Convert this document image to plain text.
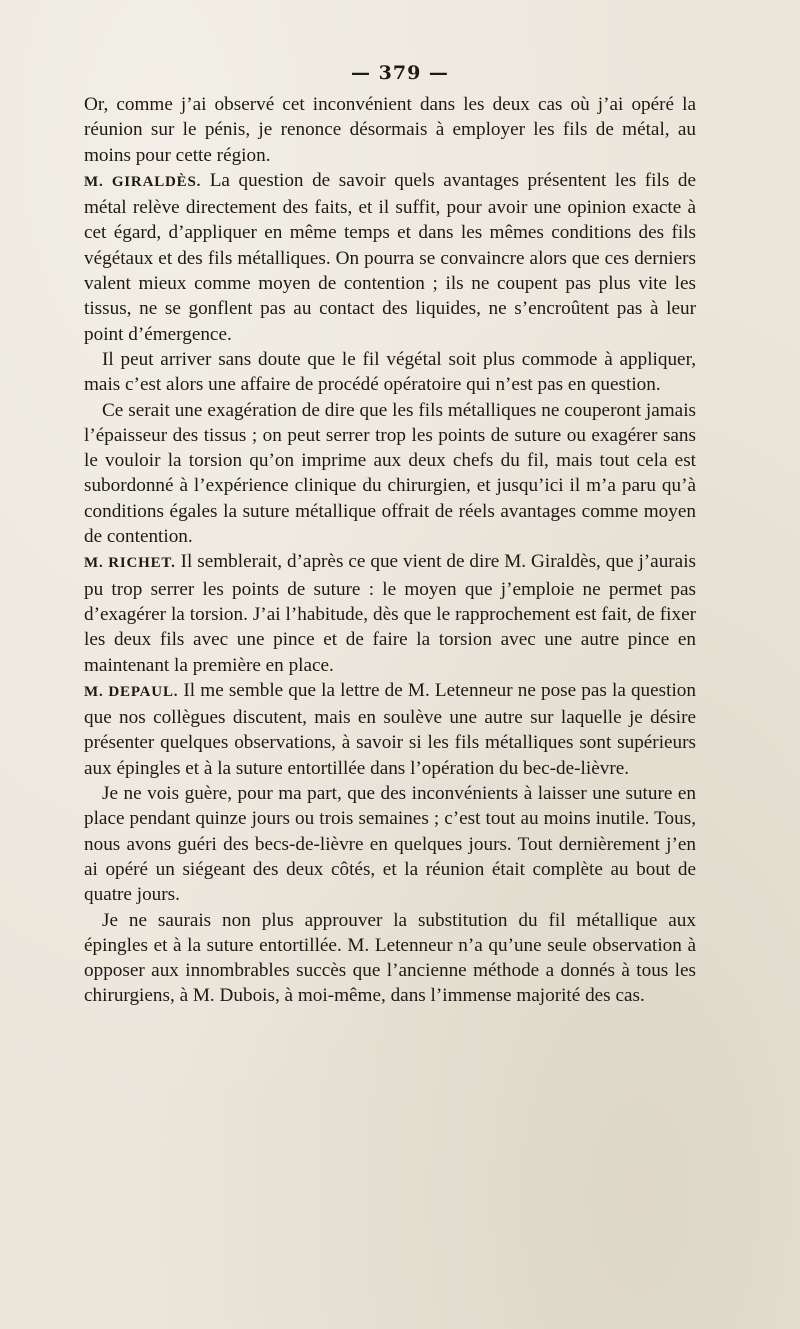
— 379 —

Or, comme j’ai observé cet inconvénient dans les deux cas où j’ai opéré la réunion sur le pénis, je renonce désormais à employer les fils de métal, au moins pour cette région.

M. GIRALDÈS. La question de savoir quels avantages présentent les fils de métal relève directement des faits, et il suffit, pour avoir une opinion exacte à cet égard, d’appliquer en même temps et dans les mêmes conditions des fils végétaux et des fils métalliques. On pourra se convaincre alors que ces derniers valent mieux comme moyen de contention ; ils ne coupent pas plus vite les tissus, ne se gonflent pas au contact des liquides, ne s’encroûtent pas à leur point d’émergence.

Il peut arriver sans doute que le fil végétal soit plus commode à appliquer, mais c’est alors une affaire de procédé opératoire qui n’est pas en question.

Ce serait une exagération de dire que les fils métalliques ne couperont jamais l’épaisseur des tissus ; on peut serrer trop les points de suture ou exagérer sans le vouloir la torsion qu’on imprime aux deux chefs du fil, mais tout cela est subordonné à l’expérience clinique du chirurgien, et jusqu’ici il m’a paru qu’à conditions égales la suture métallique offrait de réels avantages comme moyen de contention.

M. RICHET. Il semblerait, d’après ce que vient de dire M. Giraldès, que j’aurais pu trop serrer les points de suture : le moyen que j’emploie ne permet pas d’exagérer la torsion. J’ai l’habitude, dès que le rapprochement est fait, de fixer les deux fils avec une pince et de faire la torsion avec une autre pince en maintenant la première en place.

M. DEPAUL. Il me semble que la lettre de M. Letenneur ne pose pas la question que nos collègues discutent, mais en soulève une autre sur laquelle je désire présenter quelques observations, à savoir si les fils métalliques sont supérieurs aux épingles et à la suture entortillée dans l’opération du bec-de-lièvre.

Je ne vois guère, pour ma part, que des inconvénients à laisser une suture en place pendant quinze jours ou trois semaines ; c’est tout au moins inutile. Tous, nous avons guéri des becs-de-lièvre en quelques jours. Tout dernièrement j’en ai opéré un siégeant des deux côtés, et la réunion était complète au bout de quatre jours.

Je ne saurais non plus approuver la substitution du fil métallique aux épingles et à la suture entortillée. M. Letenneur n’a qu’une seule observation à opposer aux innombrables succès que l’ancienne méthode a donnés à tous les chirurgiens, à M. Dubois, à moi-même, dans l’immense majorité des cas.
